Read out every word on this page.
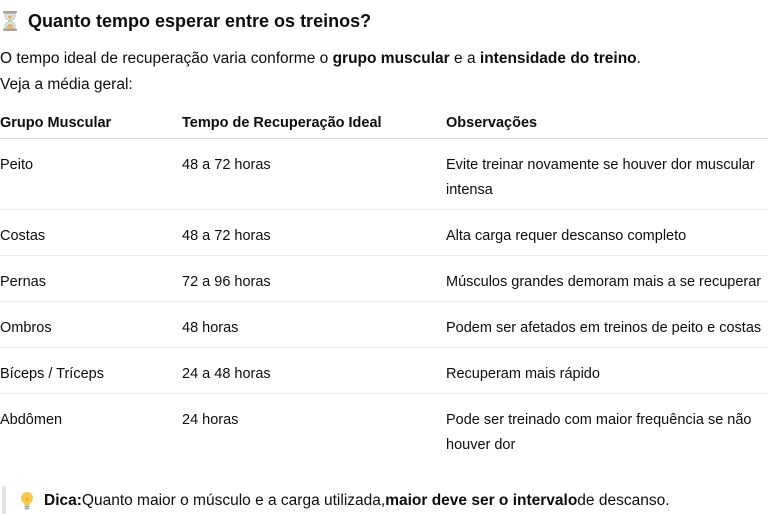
Quanto tempo esperar entre os treinos?
O tempo ideal de recuperação varia conforme o grupo muscular e a intensidade do treino.
Veja a média geral:
Grupo Muscular	Tempo de Recuperação Ideal	Observações
Peito	48 a 72 horas	Evite treinar novamente se houver dor muscular intensa
Costas	48 a 72 horas	Alta carga requer descanso completo
Pernas	72 a 96 horas	Músculos grandes demoram mais a se recuperar
Ombros	48 horas	Podem ser afetados em treinos de peito e costas
Bíceps / Tríceps	24 a 48 horas	Recuperam mais rápido
Abdômen	24 horas	Pode ser treinado com maior frequência se não houver dor
Dica: Quanto maior o músculo e a carga utilizada, maior deve ser o intervalo de descanso.
